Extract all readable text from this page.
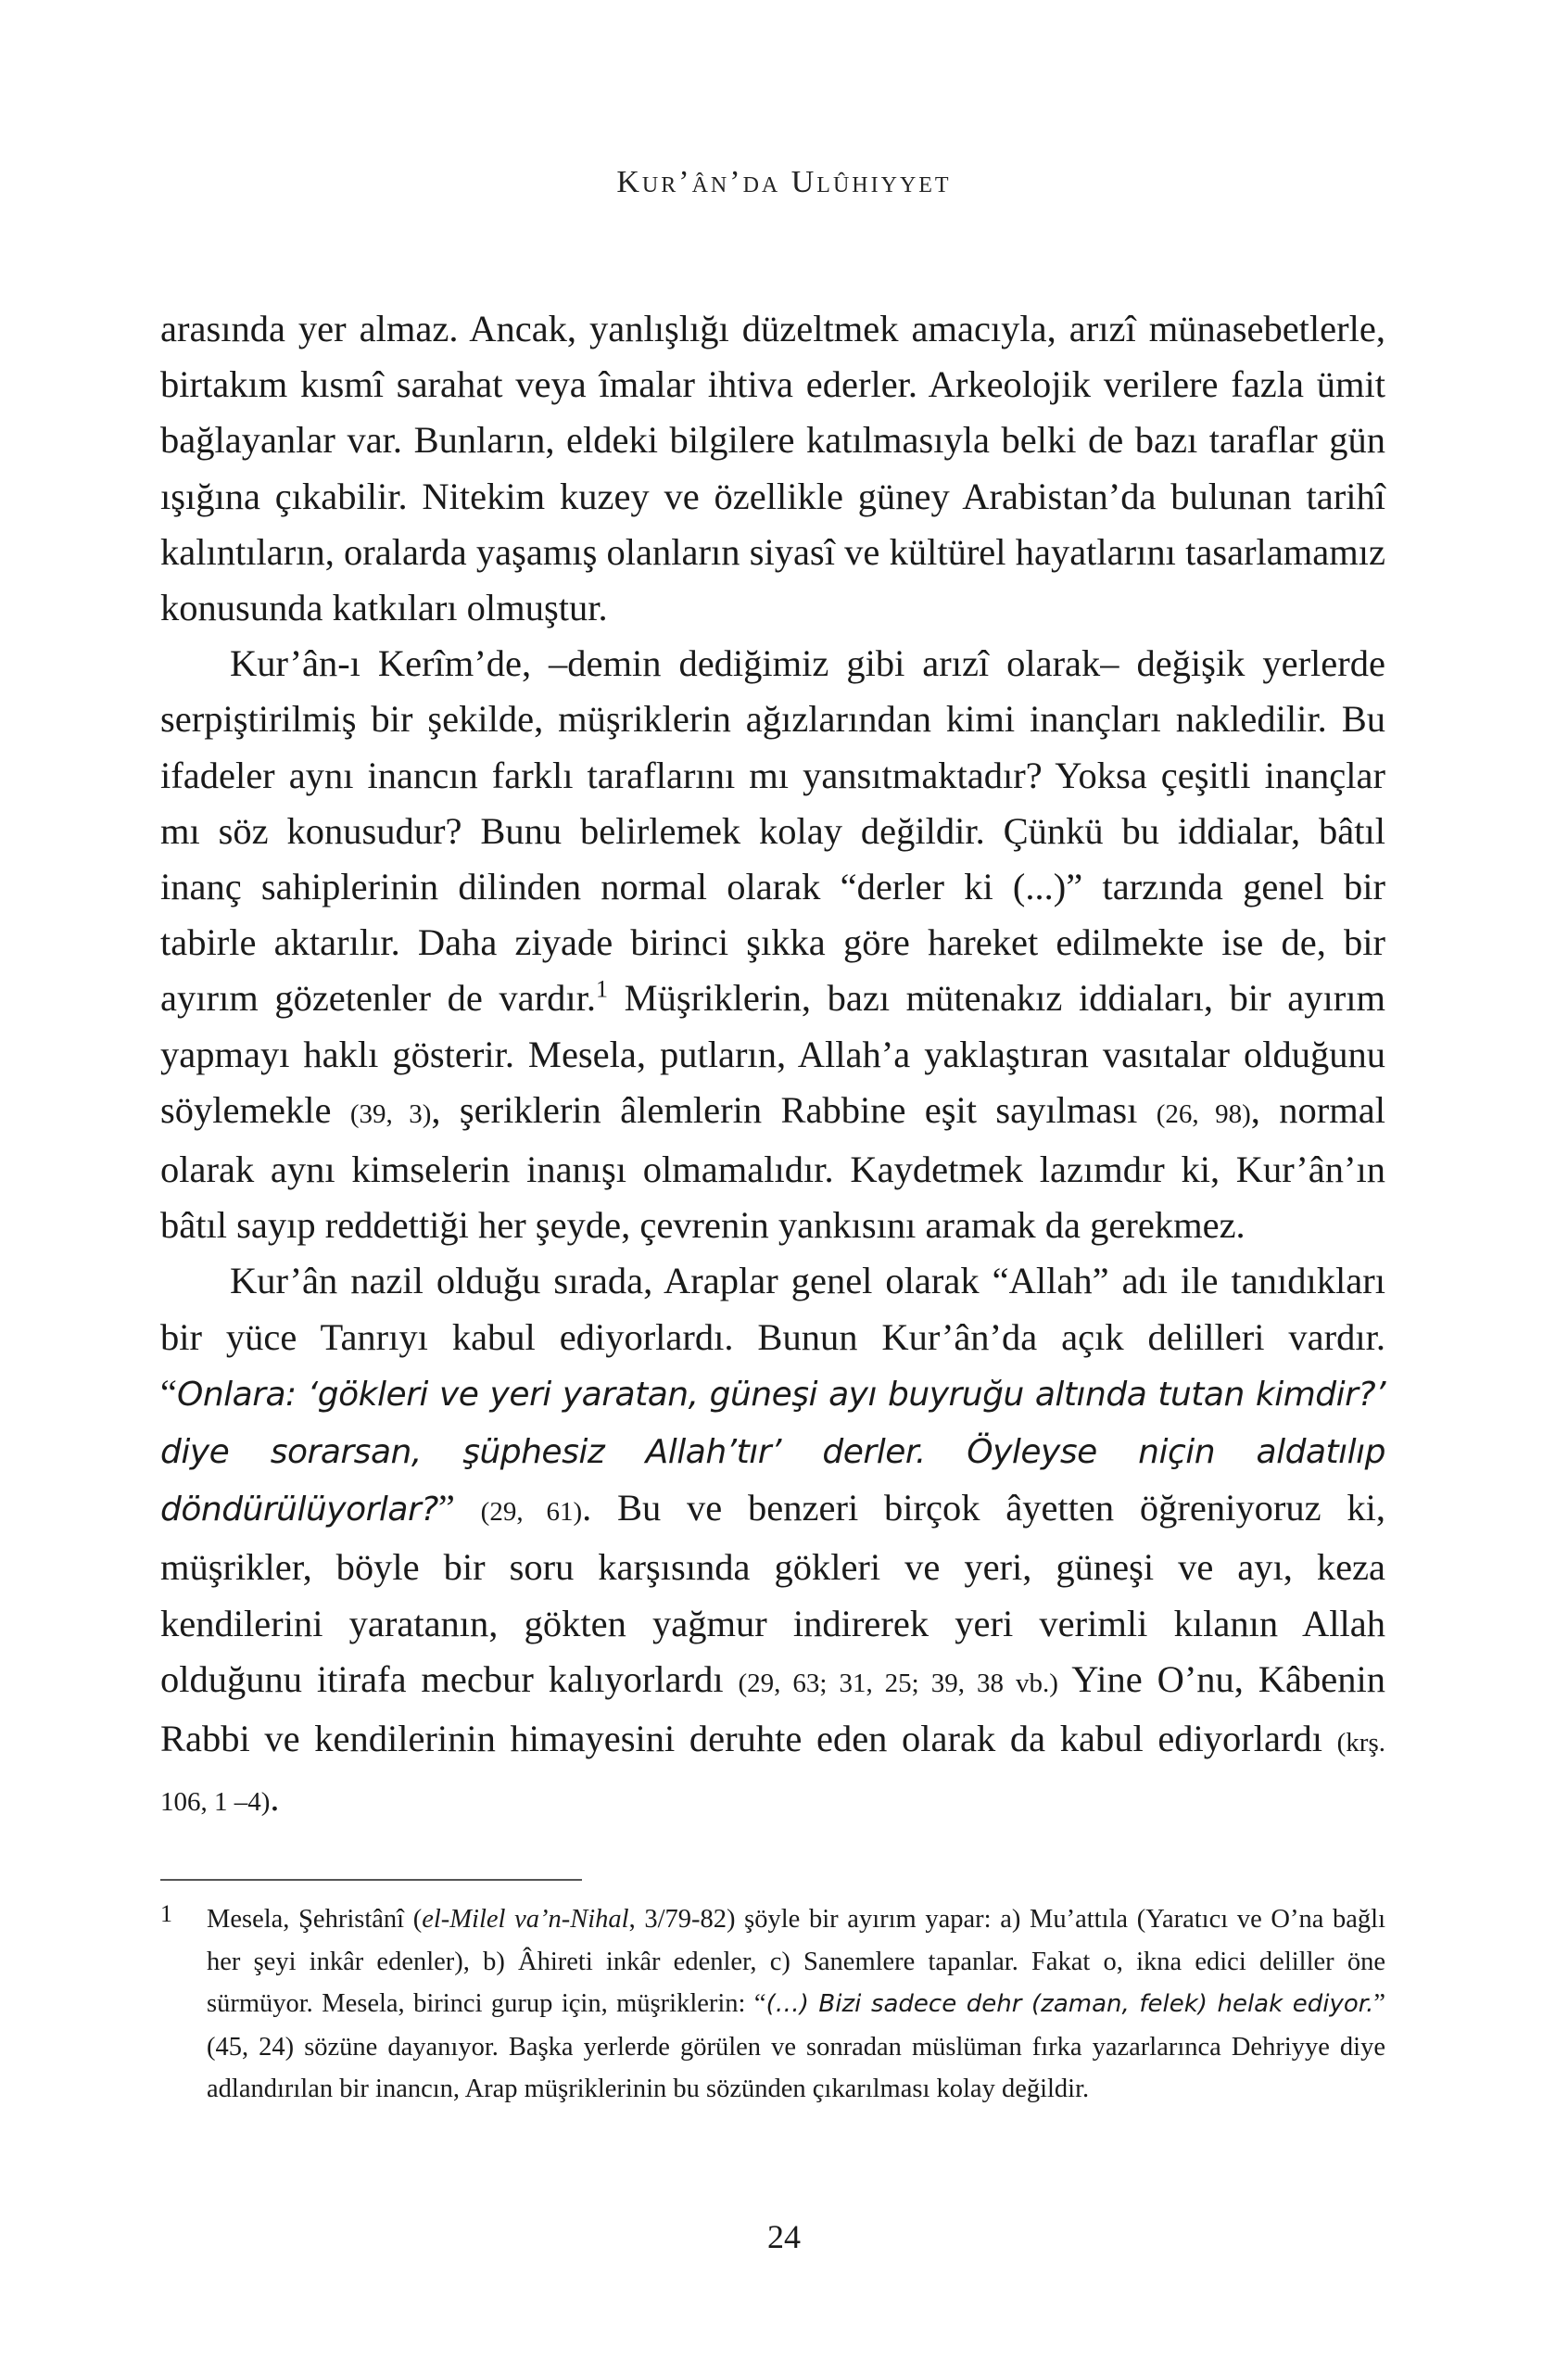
Kur’ân’da Ulûhiyyet

arasında yer almaz. Ancak, yanlışlığı düzeltmek amacıyla, arızî münasebetlerle, birtakım kısmî sarahat veya îmalar ihtiva ederler. Arkeolojik verilere fazla ümit bağlayanlar var. Bunların, eldeki bilgilere katılmasıyla belki de bazı taraflar gün ışığına çıkabilir. Nitekim kuzey ve özellikle güney Arabistan’da bulunan tarihî kalıntıların, oralarda yaşamış olanların siyasî ve kültürel hayatlarını tasarlamamız konusunda katkıları olmuştur.

Kur’ân-ı Kerîm’de, –demin dediğimiz gibi arızî olarak– değişik yerlerde serpiştirilmiş bir şekilde, müşriklerin ağızlarından kimi inançları nakledilir. Bu ifadeler aynı inancın farklı taraflarını mı yansıtmaktadır? Yoksa çeşitli inançlar mı söz konusudur? Bunu belirlemek kolay değildir. Çünkü bu iddialar, bâtıl inanç sahiplerinin dilinden normal olarak “derler ki (...)” tarzında genel bir tabirle aktarılır. Daha ziyade birinci şıkka göre hareket edilmekte ise de, bir ayırım gözetenler de vardır.$^1$ Müşriklerin, bazı mütenakız iddiaları, bir ayırım yapmayı haklı gösterir. Mesela, putların, Allah’a yaklaştıran vasıtalar olduğunu söylemekle (39, 3), şeriklerin âlemlerin Rabbine eşit sayılması (26, 98), normal olarak aynı kimselerin inanışı olmamalıdır. Kaydetmek lazımdır ki, Kur’ân’ın bâtıl sayıp reddettiği her şeyde, çevrenin yankısını aramak da gerekmez.

Kur’ân nazil olduğu sırada, Araplar genel olarak “Allah” adı ile tanıdıkları bir yüce Tanrıyı kabul ediyorlardı. Bunun Kur’ân’da açık delilleri vardır. “Onlara: ‘gökleri ve yeri yaratan, güneşi ayı buyruğu altında tutan kimdir?’ diye sorarsan, şüphesiz Allah’tır’ derler. Öyleyse niçin aldatılıp döndürülüyorlar?” (29, 61). Bu ve benzeri birçok âyetten öğreniyoruz ki, müşrikler, böyle bir soru karşısında gökleri ve yeri, güneşi ve ayı, keza kendilerini yaratanın, gökten yağmur indirerek yeri verimli kılanın Allah olduğunu itirafa mecbur kalıyorlardı (29, 63; 31, 25; 39, 38 vb.) Yine O’nu, Kâbenin Rabbi ve kendilerinin himayesini deruhte eden olarak da kabul ediyorlardı (krş. 106, 1 –4).

1 Mesela, Şehristânî (el-Milel va’n-Nihal, 3/79-82) şöyle bir ayırım yapar: a) Mu’attıla (Yaratıcı ve O’na bağlı her şeyi inkâr edenler), b) Âhireti inkâr edenler, c) Sanemlere tapanlar. Fakat o, ikna edici deliller öne sürmüyor. Mesela, birinci gurup için, müşriklerin: “(…) Bizi sadece dehr (zaman, felek) helak ediyor.” (45, 24) sözüne dayanıyor. Başka yerlerde görülen ve sonradan müslüman fırka yazarlarınca Dehriyye diye adlandırılan bir inancın, Arap müşriklerinin bu sözünden çıkarılması kolay değildir.
24
